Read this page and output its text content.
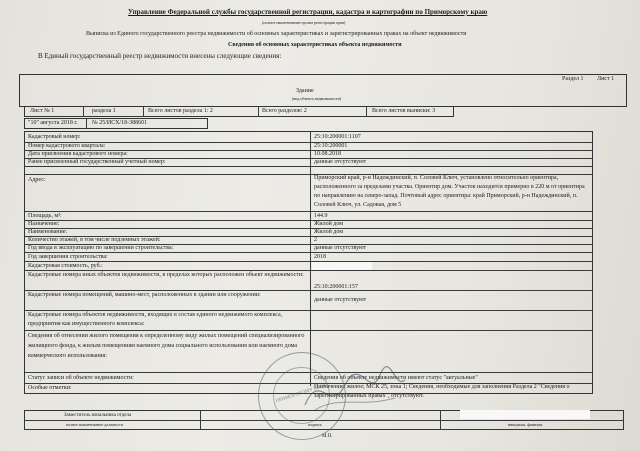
Управление Федеральной службы государственной регистрации, кадастра и картографии по Приморскому краю
(полное наименование органа регистрации прав)
Выписка из Единого государственного реестра недвижимости об основных характеристиках и зарегистрированных правах на объект недвижимости
Сведения об основных характеристиках объекта недвижимости
В Единый государственный реестр недвижимости внесены следующие сведения:
Раздел 1 Лист 1
Здание
(вид объекта недвижимости)
Лист № 1	раздела 1	Всего листов раздела 1: 2	Всего разделов: 2	Всего листов выписки: 3
"10" августа 2018 г. № 25/ИСХ/18-388601
Кадастровый номер:	25:10:200001:1107
Номер кадастрового квартала:	25:10:200001
Дата присвоения кадастрового номера:	10.08.2018
Ранее присвоенный государственный учетный номер:	данные отсутствуют
Адрес:	Приморский край, р-н Надеждинский, п. Соловей Ключ, установлено относительно ориентира, расположенного за пределами участка. Ориентир дом. Участок находится примерно в 220 м от ориентира по направлению на северо-запад. Почтовый адрес ориентира: край Приморский, р-н Надеждинский, п. Соловей Ключ, ул. Садовая, дом 5
Площадь, м²:	144.9
Назначение:	Жилой дом
Наименование:	Жилой дом
Количество этажей, в том числе подземных этажей:	2
Год ввода в эксплуатацию по завершении строительства:	данные отсутствуют
Год завершения строительства:	2018
Кадастровая стоимость, руб.:
Кадастровые номера иных объектов недвижимости, в пределах которых расположен объект недвижимости:
25:10:200001:157
Кадастровые номера помещений, машино-мест, расположенных в здании или сооружении:
данные отсутствуют
Кадастровые номера объектов недвижимости, входящих в состав единого недвижимого комплекса, предприятия как имущественного комплекса:
Сведения об отнесении жилого помещения к определенному виду жилых помещений специализированного жилищного фонда, к жилым помещениям наемного дома социального использования или наемного дома коммерческого использования:
Статус записи об объекте недвижимости:	Сведения об объекте недвижимости имеют статус "актуальные"
Особые отметки:	Назначение: жилое; МСК 25, зона 1; Сведения, необходимые для заполнения Раздела 2 "Сведения о зарегистрированных правах", отсутствуют.
Заместитель начальника отдела
полное наименование должности	подпись	инициалы, фамилия
М.П.
ПРИМОРСКОМУ КРАЮ
